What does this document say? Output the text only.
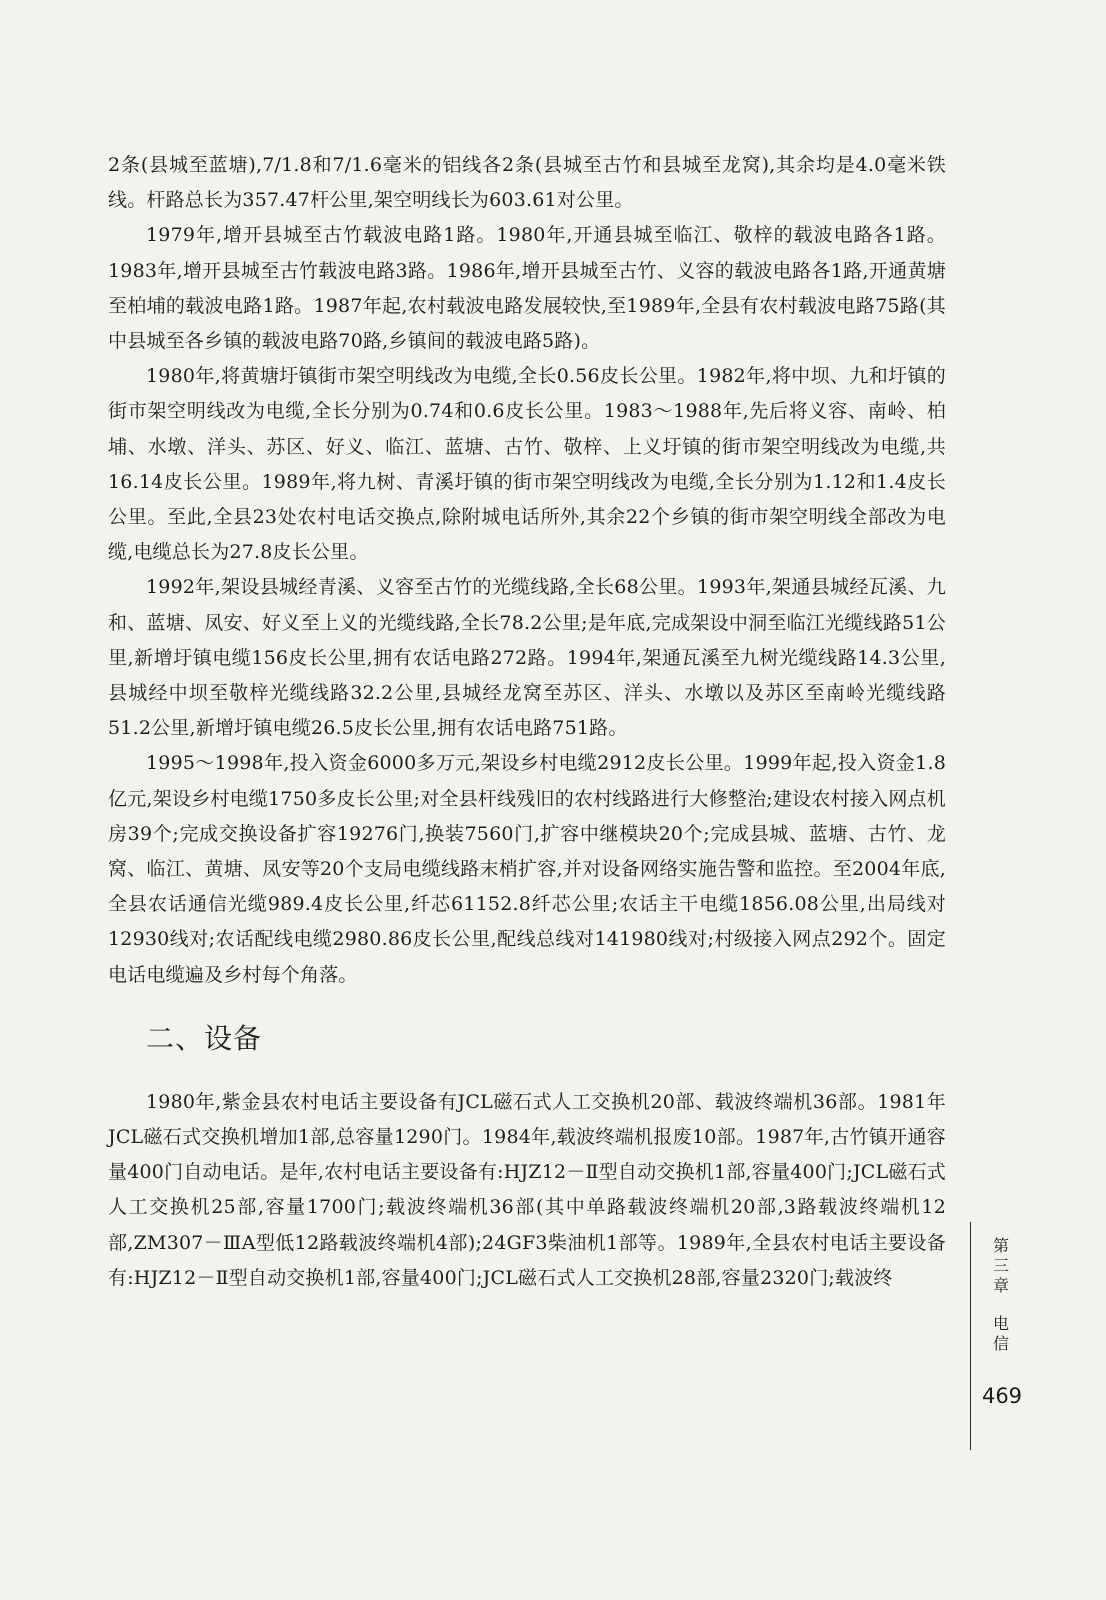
2条(县城至蓝塘),7/1.8和7/1.6毫米的铝线各2条(县城至古竹和县城至龙窝),其余均是4.0毫米铁线。杆路总长为357.47杆公里,架空明线长为603.61对公里。

1979年,增开县城至古竹载波电路1路。1980年,开通县城至临江、敬梓的载波电路各1路。1983年,增开县城至古竹载波电路3路。1986年,增开县城至古竹、义容的载波电路各1路,开通黄塘至柏埔的载波电路1路。1987年起,农村载波电路发展较快,至1989年,全县有农村载波电路75路(其中县城至各乡镇的载波电路70路,乡镇间的载波电路5路)。

1980年,将黄塘圩镇街市架空明线改为电缆,全长0.56皮长公里。1982年,将中坝、九和圩镇的街市架空明线改为电缆,全长分别为0.74和0.6皮长公里。1983～1988年,先后将义容、南岭、柏埔、水墩、洋头、苏区、好义、临江、蓝塘、古竹、敬梓、上义圩镇的街市架空明线改为电缆,共16.14皮长公里。1989年,将九树、青溪圩镇的街市架空明线改为电缆,全长分别为1.12和1.4皮长公里。至此,全县23处农村电话交换点,除附城电话所外,其余22个乡镇的街市架空明线全部改为电缆,电缆总长为27.8皮长公里。

1992年,架设县城经青溪、义容至古竹的光缆线路,全长68公里。1993年,架通县城经瓦溪、九和、蓝塘、凤安、好义至上义的光缆线路,全长78.2公里;是年底,完成架设中洞至临江光缆线路51公里,新增圩镇电缆156皮长公里,拥有农话电路272路。1994年,架通瓦溪至九树光缆线路14.3公里,县城经中坝至敬梓光缆线路32.2公里,县城经龙窝至苏区、洋头、水墩以及苏区至南岭光缆线路51.2公里,新增圩镇电缆26.5皮长公里,拥有农话电路751路。

1995～1998年,投入资金6000多万元,架设乡村电缆2912皮长公里。1999年起,投入资金1.8亿元,架设乡村电缆1750多皮长公里;对全县杆线残旧的农村线路进行大修整治;建设农村接入网点机房39个;完成交换设备扩容19276门,换装7560门,扩容中继模块20个;完成县城、蓝塘、古竹、龙窝、临江、黄塘、凤安等20个支局电缆线路末梢扩容,并对设备网络实施告警和监控。至2004年底,全县农话通信光缆989.4皮长公里,纤芯61152.8纤芯公里;农话主干电缆1856.08公里,出局线对12930线对;农话配线电缆2980.86皮长公里,配线总线对141980线对;村级接入网点292个。固定电话电缆遍及乡村每个角落。

二、设备

1980年,紫金县农村电话主要设备有JCL磁石式人工交换机20部、载波终端机36部。1981年JCL磁石式交换机增加1部,总容量1290门。1984年,载波终端机报废10部。1987年,古竹镇开通容量400门自动电话。是年,农村电话主要设备有:HJZ12－Ⅱ型自动交换机1部,容量400门;JCL磁石式人工交换机25部,容量1700门;载波终端机36部(其中单路载波终端机20部,3路载波终端机12部,ZM307－ⅢA型低12路载波终端机4部);24GF3柴油机1部等。1989年,全县农村电话主要设备有:HJZ12－Ⅱ型自动交换机1部,容量400门;JCL磁石式人工交换机28部,容量2320门;载波终

第
三
章
电
信
469
